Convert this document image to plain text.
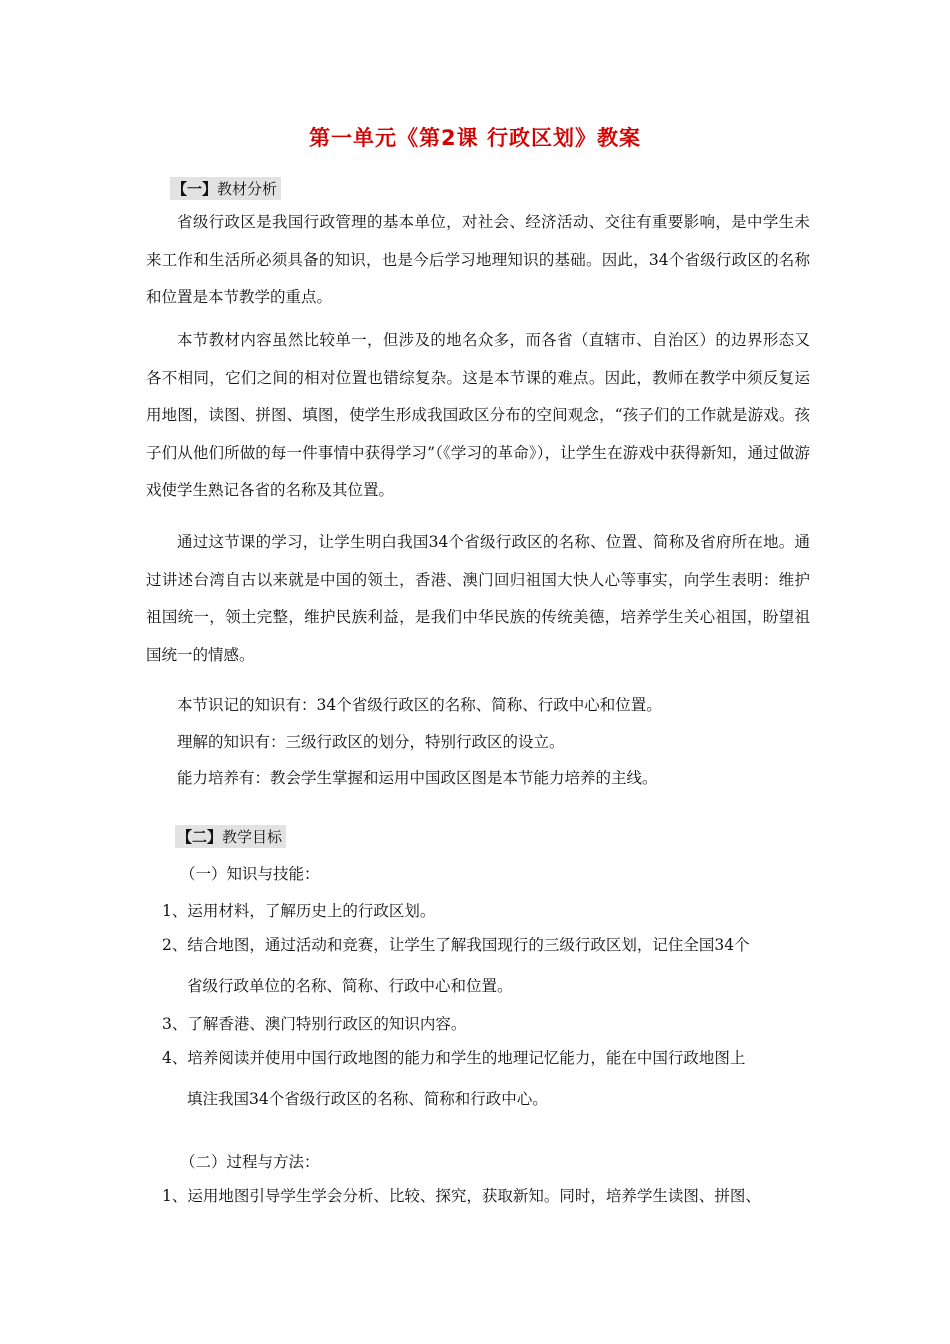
第一单元《第2课 行政区划》教案
【一】教材分析

省级行政区是我国行政管理的基本单位，对社会、经济活动、交往有重要影响，是中学生未来工作和生活所必须具备的知识，也是今后学习地理知识的基础。因此，34个省级行政区的名称和位置是本节教学的重点。

本节教材内容虽然比较单一，但涉及的地名众多，而各省（直辖市、自治区）的边界形态又各不相同，它们之间的相对位置也错综复杂。这是本节课的难点。因此，教师在教学中须反复运用地图，读图、拼图、填图，使学生形成我国政区分布的空间观念，“孩子们的工作就是游戏。孩子们从他们所做的每一件事情中获得学习”（《学习的革命》），让学生在游戏中获得新知，通过做游戏使学生熟记各省的名称及其位置。

通过这节课的学习，让学生明白我国34个省级行政区的名称、位置、简称及省府所在地。通过讲述台湾自古以来就是中国的领土，香港、澳门回归祖国大快人心等事实，向学生表明：维护祖国统一，领土完整，维护民族利益，是我们中华民族的传统美德，培养学生关心祖国，盼望祖国统一的情感。

本节识记的知识有：34个省级行政区的名称、简称、行政中心和位置。

理解的知识有：三级行政区的划分，特别行政区的设立。

能力培养有：教会学生掌握和运用中国政区图是本节能力培养的主线。

【二】教学目标

（一）知识与技能：

1、运用材料，了解历史上的行政区划。

2、结合地图，通过活动和竞赛，让学生了解我国现行的三级行政区划，记住全国34个

省级行政单位的名称、简称、行政中心和位置。

3、了解香港、澳门特别行政区的知识内容。

4、培养阅读并使用中国行政地图的能力和学生的地理记忆能力，能在中国行政地图上

填注我国34个省级行政区的名称、简称和行政中心。

（二）过程与方法：

1、运用地图引导学生学会分析、比较、探究，获取新知。同时，培养学生读图、拼图、
